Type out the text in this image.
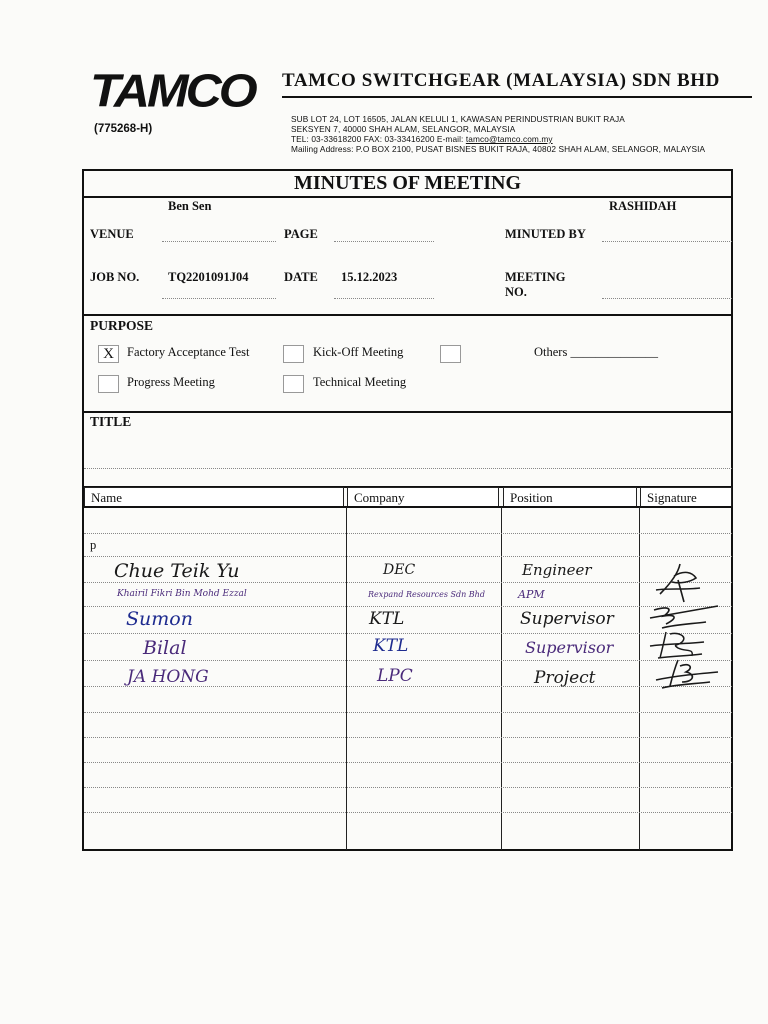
TAMCO TAMCO SWITCHGEAR (MALAYSIA) SDN BHD
(775268-H)
SUB LOT 24, LOT 16505, JALAN KELULI 1, KAWASAN PERINDUSTRIAN BUKIT RAJA
SEKSYEN 7, 40000 SHAH ALAM, SELANGOR, MALAYSIA
TEL: 03-33618200 FAX: 03-33416200 E-mail: tamco@tamco.com.my
Mailing Address: P.O BOX 2100, PUSAT BISNES BUKIT RAJA, 40802 SHAH ALAM, SELANGOR, MALAYSIA
MINUTES OF MEETING
Ben Sen	RASHIDAH
VENUE	PAGE	MINUTED BY
JOB NO. TQ2201091J04	DATE 15.12.2023	MEETING
NO.
PURPOSE
X	Factory Acceptance Test	Kick-Off Meeting	Others ______________
Progress Meeting	Technical Meeting
TITLE
Name	Company	Position	Signature
p
Chue Teik Yu	DEC	Engineer
Khairil Fikri Bin Mohd Ezzal	Rexpand Resources Sdn Bhd	APM
Sumon	KTL	Supervisor
Bilal	KTL	Supervisor
JA HONG	LPC	Project
